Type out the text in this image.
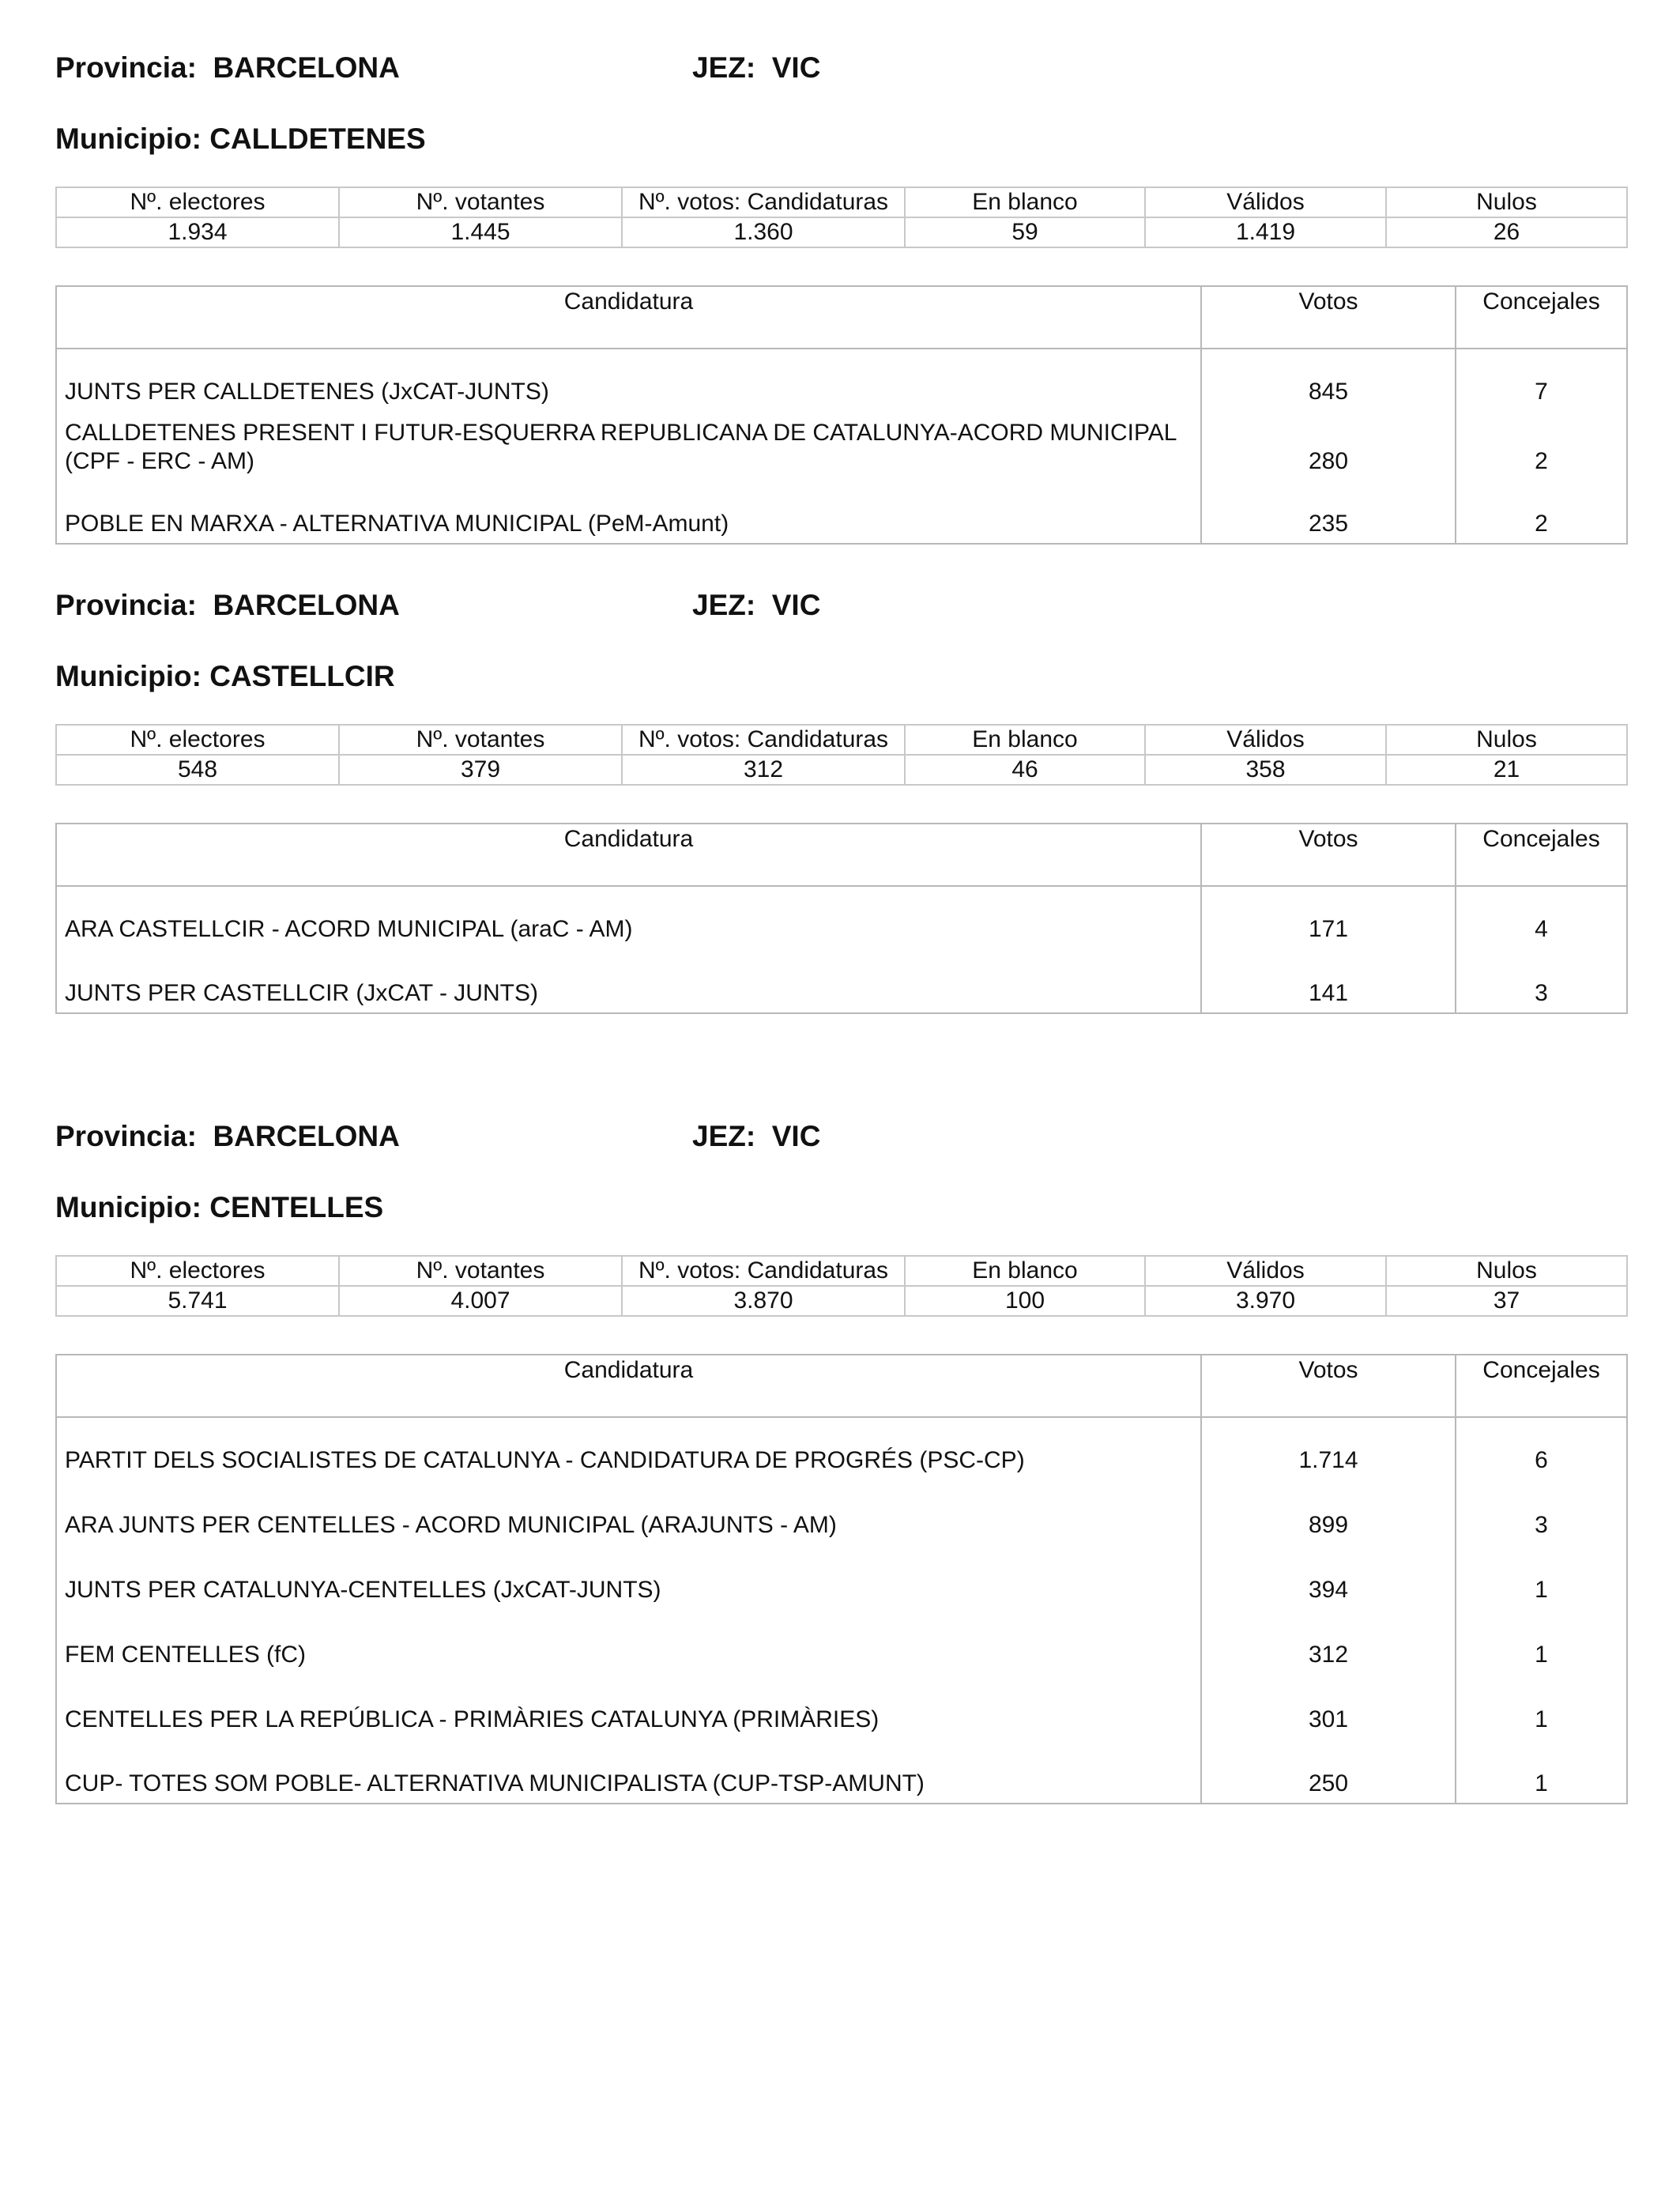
Provincia:  BARCELONA	JEZ:  VIC
Municipio: CALLDETENES
Nº. electores	Nº. votantes	Nº. votos: Candidaturas	En blanco	Válidos	Nulos
1.934	1.445	1.360	59	1.419	26
Candidatura	Votos	Concejales

JUNTS PER CALLDETENES (JxCAT-JUNTS)	845	7
CALLDETENES PRESENT I FUTUR-ESQUERRA REPUBLICANA DE CATALUNYA-ACORD MUNICIPAL (CPF - ERC - AM)	280	2
POBLE EN MARXA - ALTERNATIVA MUNICIPAL (PeM-Amunt)	235	2
Provincia:  BARCELONA	JEZ:  VIC
Municipio: CASTELLCIR
Nº. electores	Nº. votantes	Nº. votos: Candidaturas	En blanco	Válidos	Nulos
548	379	312	46	358	21
Candidatura	Votos	Concejales

ARA CASTELLCIR - ACORD MUNICIPAL (araC - AM)	171	4
JUNTS PER CASTELLCIR (JxCAT - JUNTS)	141	3
Provincia:  BARCELONA	JEZ:  VIC
Municipio: CENTELLES
Nº. electores	Nº. votantes	Nº. votos: Candidaturas	En blanco	Válidos	Nulos
5.741	4.007	3.870	100	3.970	37
Candidatura	Votos	Concejales

PARTIT DELS SOCIALISTES DE CATALUNYA - CANDIDATURA DE PROGRÉS (PSC-CP)	1.714	6
ARA JUNTS PER CENTELLES - ACORD MUNICIPAL (ARAJUNTS - AM)	899	3
JUNTS PER CATALUNYA-CENTELLES (JxCAT-JUNTS)	394	1
FEM CENTELLES (fC)	312	1
CENTELLES PER LA REPÚBLICA - PRIMÀRIES CATALUNYA (PRIMÀRIES)	301	1
CUP- TOTES SOM POBLE- ALTERNATIVA MUNICIPALISTA (CUP-TSP-AMUNT)	250	1
